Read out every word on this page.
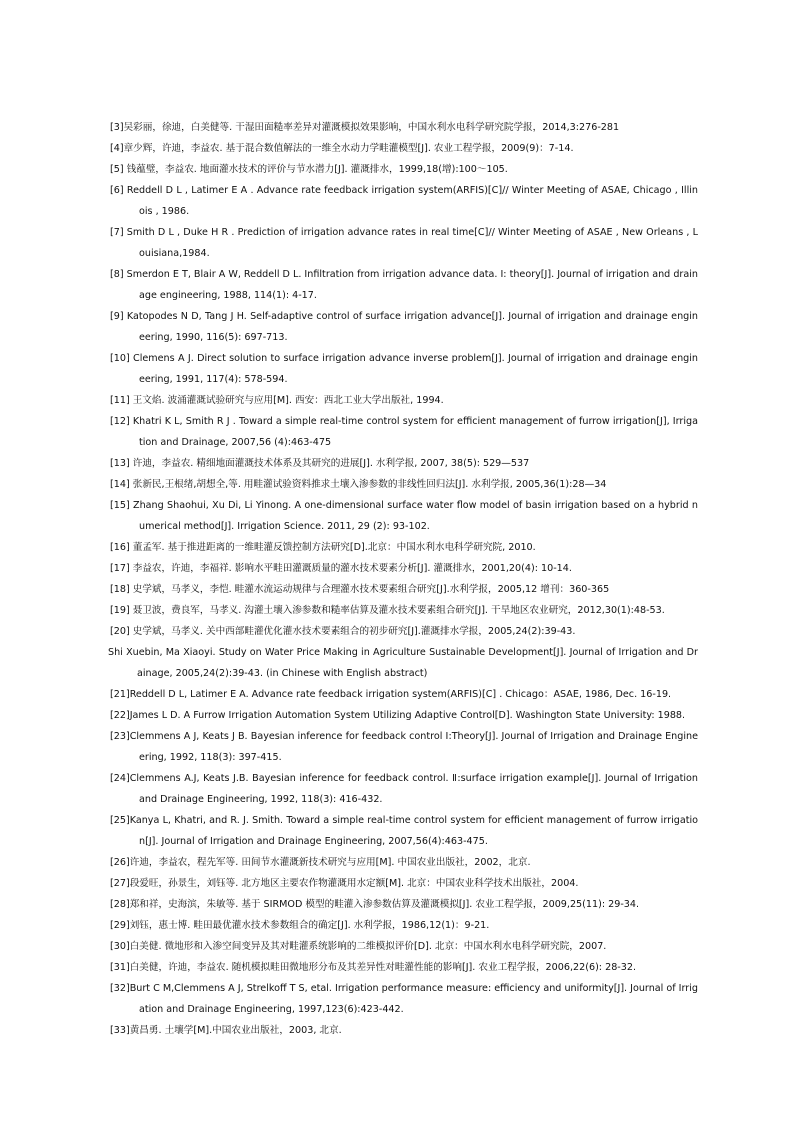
[3]吴彩丽，徐迪，白美健等. 干湿田面糙率差异对灌溉模拟效果影响，中国水利水电科学研究院学报，2014,3:276-281
[4]章少辉，许迪，李益农. 基于混合数值解法的一维全水动力学畦灌模型[J]. 农业工程学报，2009(9)：7-14.
[5] 钱蕴璧，李益农. 地面灌水技术的评价与节水潜力[J]. 灌溉排水，1999,18(增):100～105.
[6] Reddell D L , Latimer E A . Advance rate feedback irrigation system(ARFIS)[C]// Winter Meeting of ASAE, Chicago , Illinois , 1986.
[7] Smith D L , Duke H R . Prediction of irrigation advance rates in real time[C]// Winter Meeting of ASAE , New Orleans , Louisiana,1984.
[8] Smerdon E T, Blair A W, Reddell D L. Infiltration from irrigation advance data. I: theory[J]. Journal of irrigation and drainage engineering, 1988, 114(1): 4-17.
[9] Katopodes N D, Tang J H. Self-adaptive control of surface irrigation advance[J]. Journal of irrigation and drainage engineering, 1990, 116(5): 697-713.
[10] Clemens A J. Direct solution to surface irrigation advance inverse problem[J]. Journal of irrigation and drainage engineering, 1991, 117(4): 578-594.
[11] 王文焰. 波涌灌溉试验研究与应用[M]. 西安：西北工业大学出版社, 1994.
[12] Khatri K L, Smith R J . Toward a simple real-time control system for efficient management of furrow irrigation[J], Irrigation and Drainage, 2007,56 (4):463-475
[13] 许迪，李益农. 精细地面灌溉技术体系及其研究的进展[J]. 水利学报, 2007, 38(5): 529—537
[14] 张新民,王根绪,胡想全,等. 用畦灌试验资料推求土壤入渗参数的非线性回归法[J]. 水利学报, 2005,36(1):28—34
[15] Zhang Shaohui, Xu Di, Li Yinong. A one-dimensional surface water flow model of basin irrigation based on a hybrid numerical method[J]. Irrigation Science. 2011, 29 (2): 93-102.
[16] 董孟军. 基于推进距离的一维畦灌反馈控制方法研究[D].北京：中国水利水电科学研究院, 2010.
[17] 李益农，许迪，李福祥. 影响水平畦田灌溉质量的灌水技术要素分析[J]. 灌溉排水，2001,20(4): 10-14.
[18] 史学斌，马孝义，李恺. 畦灌水流运动规律与合理灌水技术要素组合研究[J].水利学报，2005,12 增刊：360-365
[19] 聂卫波，费良军，马孝义. 沟灌土壤入渗参数和糙率估算及灌水技术要素组合研究[J]. 干旱地区农业研究，2012,30(1):48-53.
[20] 史学斌，马孝义. 关中西部畦灌优化灌水技术要素组合的初步研究[J].灌溉排水学报，2005,24(2):39-43.
Shi Xuebin, Ma Xiaoyi. Study on Water Price Making in Agriculture Sustainable Development[J]. Journal of Irrigation and Drainage, 2005,24(2):39-43. (in Chinese with English abstract)
[21]Reddell D L, Latimer E A. Advance rate feedback irrigation system(ARFIS)[C] . Chicago：ASAE, 1986, Dec. 16-19.
[22]James L D. A Furrow Irrigation Automation System Utilizing Adaptive Control[D]. Washington State University: 1988.
[23]Clemmens A J, Keats J B. Bayesian inference for feedback control Ⅰ:Theory[J]. Journal of Irrigation and Drainage Engineering, 1992, 118(3): 397-415.
[24]Clemmens A.J, Keats J.B. Bayesian inference for feedback control. Ⅱ:surface irrigation example[J]. Journal of Irrigation and Drainage Engineering, 1992, 118(3): 416-432.
[25]Kanya L, Khatri, and R. J. Smith. Toward a simple real-time control system for efficient management of furrow irrigation[J]. Journal of Irrigation and Drainage Engineering, 2007,56(4):463-475.
[26]许迪，李益农，程先军等. 田间节水灌溉新技术研究与应用[M]. 中国农业出版社，2002，北京.
[27]段爱旺，孙景生，刘钰等. 北方地区主要农作物灌溉用水定额[M]. 北京：中国农业科学技术出版社，2004.
[28]郑和祥，史海滨，朱敏等. 基于 SIRMOD 模型的畦灌入渗参数估算及灌溉模拟[J]. 农业工程学报，2009,25(11): 29-34.
[29]刘钰，惠士博. 畦田最优灌水技术参数组合的确定[J]. 水利学报，1986,12(1)：9-21.
[30]白美健. 微地形和入渗空间变异及其对畦灌系统影响的二维模拟评价[D]. 北京：中国水利水电科学研究院，2007.
[31]白美健，许迪，李益农. 随机模拟畦田微地形分布及其差异性对畦灌性能的影响[J]. 农业工程学报，2006,22(6): 28-32.
[32]Burt C M,Clemmens A J, Strelkoff T S, etal. Irrigation performance measure: efficiency and uniformity[J]. Journal of Irrigation and Drainage Engineering, 1997,123(6):423-442.
[33]黄昌勇. 土壤学[M].中国农业出版社，2003, 北京.
